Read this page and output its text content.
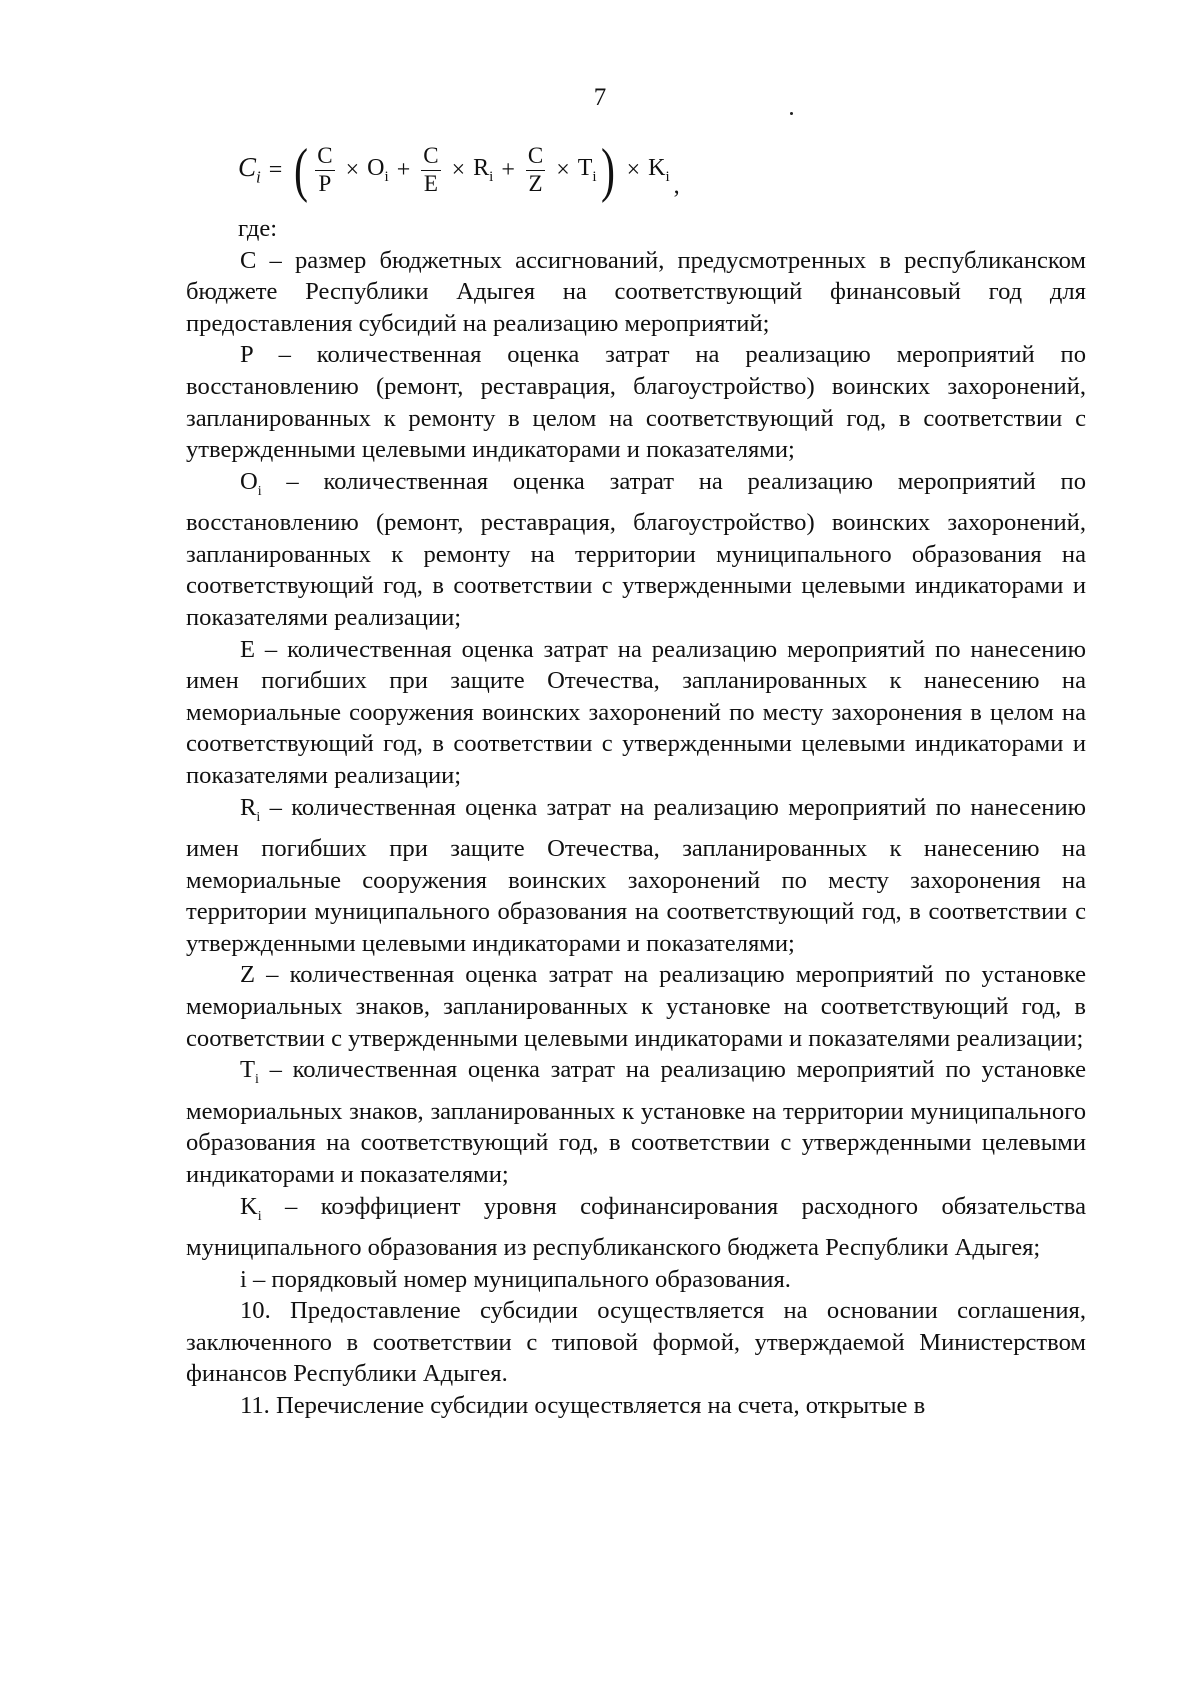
7
$C_i$ = ( $\frac{C}{P} \times O_i + \frac{C}{E} \times R_i + \frac{C}{Z} \times T_i$ ) × $K_i$ ,

где:

C – размер бюджетных ассигнований, предусмотренных в республиканском бюджете Республики Адыгея на соответствующий финансовый год для предоставления субсидий на реализацию мероприятий;

P – количественная оценка затрат на реализацию мероприятий по восстановлению (ремонт, реставрация, благоустройство) воинских захоронений, запланированных к ремонту в целом на соответствующий год, в соответствии с утвержденными целевыми индикаторами и показателями;

$O_i$ – количественная оценка затрат на реализацию мероприятий по восстановлению (ремонт, реставрация, благоустройство) воинских захоронений, запланированных к ремонту на территории муниципального образования на соответствующий год, в соответствии с утвержденными целевыми индикаторами и показателями реализации;

E – количественная оценка затрат на реализацию мероприятий по нанесению имен погибших при защите Отечества, запланированных к нанесению на мемориальные сооружения воинских захоронений по месту захоронения в целом на соответствующий год, в соответствии с утвержденными целевыми индикаторами и показателями реализации;

$R_i$ – количественная оценка затрат на реализацию мероприятий по нанесению имен погибших при защите Отечества, запланированных к нанесению на мемориальные сооружения воинских захоронений по месту захоронения на территории муниципального образования на соответствующий год, в соответствии с утвержденными целевыми индикаторами и показателями;

Z – количественная оценка затрат на реализацию мероприятий по установке мемориальных знаков, запланированных к установке на соответствующий год, в соответствии с утвержденными целевыми индикаторами и показателями реализации;

$T_i$ – количественная оценка затрат на реализацию мероприятий по установке мемориальных знаков, запланированных к установке на территории муниципального образования на соответствующий год, в соответствии с утвержденными целевыми индикаторами и показателями;

$K_i$ – коэффициент уровня софинансирования расходного обязательства муниципального образования из республиканского бюджета Республики Адыгея;

i – порядковый номер муниципального образования.

10. Предоставление субсидии осуществляется на основании соглашения, заключенного в соответствии с типовой формой, утверждаемой Министерством финансов Республики Адыгея.

11. Перечисление субсидии осуществляется на счета, открытые в
